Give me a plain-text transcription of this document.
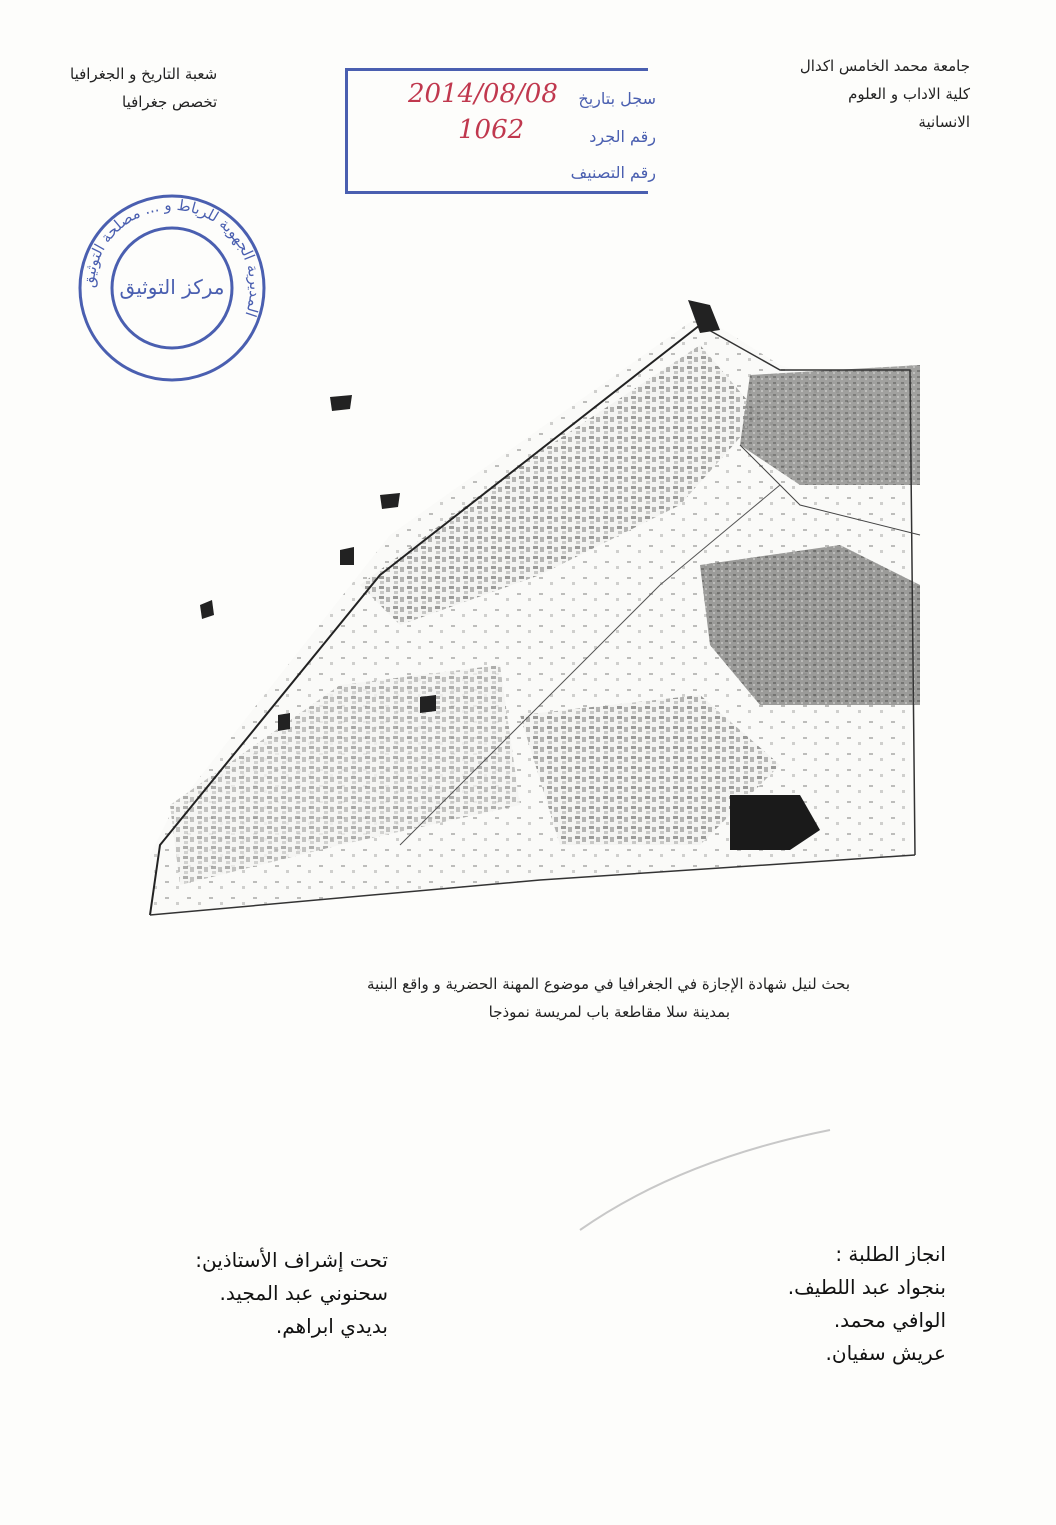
جامعة محمد الخامس اكدال
كلية الاداب و العلوم
الانسانية
شعبة التاريخ و الجغرافيا
تخصص جغرافيا	سجل بتاريخ
2014/08/08
رقم الجرد
1062
رقم التصنيف
المديرية الجهوية للرباط و ... مصلحة التوثيق
مركز التوثيق
بحث لنيل شهادة الإجازة في الجغرافيا في موضوع المهنة الحضرية و واقع البنية
بمدينة سلا مقاطعة باب لمريسة نموذجا
انجاز الطلبة :
بنجواد عبد اللطيف.
الوافي محمد.
عريش سفيان.
تحت إشراف الأستاذين:
سحنوني عبد المجيد.
بديدي ابراهم.
